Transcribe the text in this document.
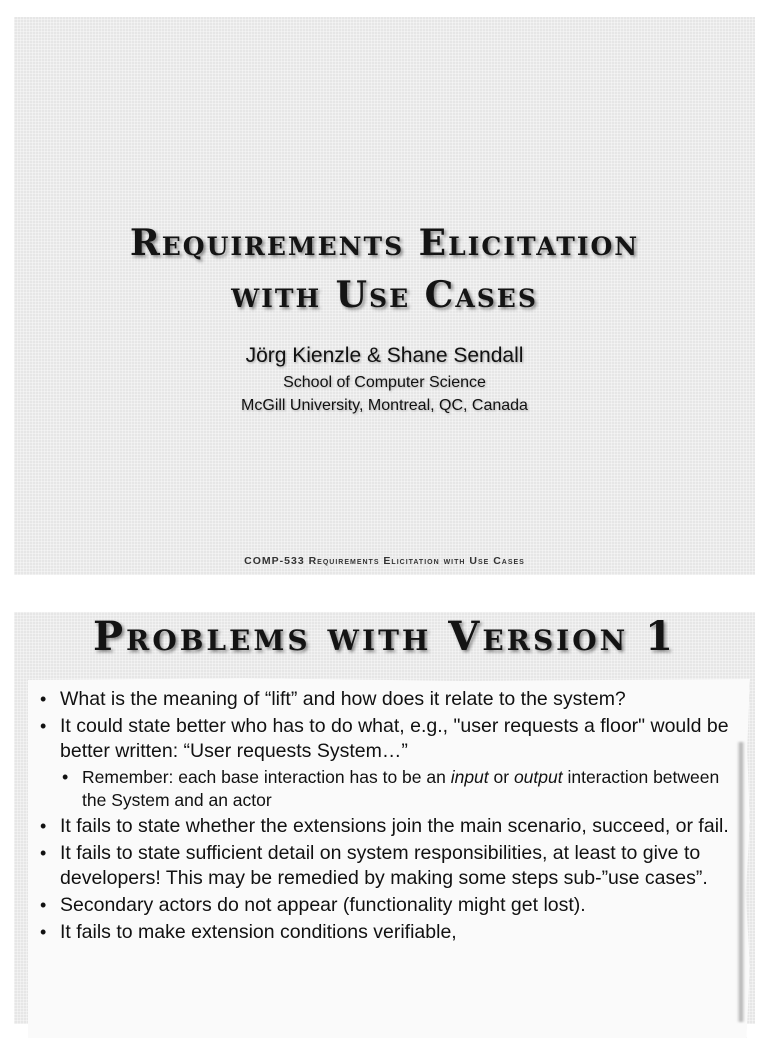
Requirements Elicitation
with Use Cases
Jörg Kienzle & Shane Sendall
School of Computer Science
McGill University, Montreal, QC, Canada
COMP-533 Requirements Elicitation with Use Cases
Problems with Version 1
• What is the meaning of “lift” and how does it relate to the system?
• It could state better who has to do what, e.g., "user requests a floor" would be better written: “User requests System…”
• Remember: each base interaction has to be an input or output interaction between the System and an actor
• It fails to state whether the extensions join the main scenario, succeed, or fail.
• It fails to state sufficient detail on system responsibilities, at least to give to developers! This may be remedied by making some steps sub-”use cases”.
• Secondary actors do not appear (functionality might get lost).
• It fails to make extension conditions verifiable,
